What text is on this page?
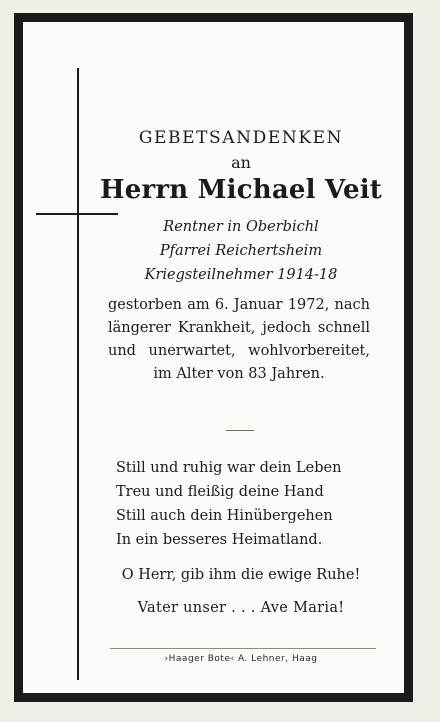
GEBETSANDENKEN
an
Herrn Michael Veit
Rentner in Oberbichl
Pfarrei Reichertsheim
Kriegsteilnehmer 1914-18
gestorben am 6. Januar 1972, nach längerer Krankheit, jedoch schnell und unerwartet, wohlvorbereitet, im Alter von 83 Jahren.
Still und ruhig war dein Leben
Treu und fleißig deine Hand
Still auch dein Hinübergehen
In ein besseres Heimatland.
O Herr, gib ihm die ewige Ruhe!
Vater unser . . . Ave Maria!
›Haager Bote‹ A. Lehner, Haag
